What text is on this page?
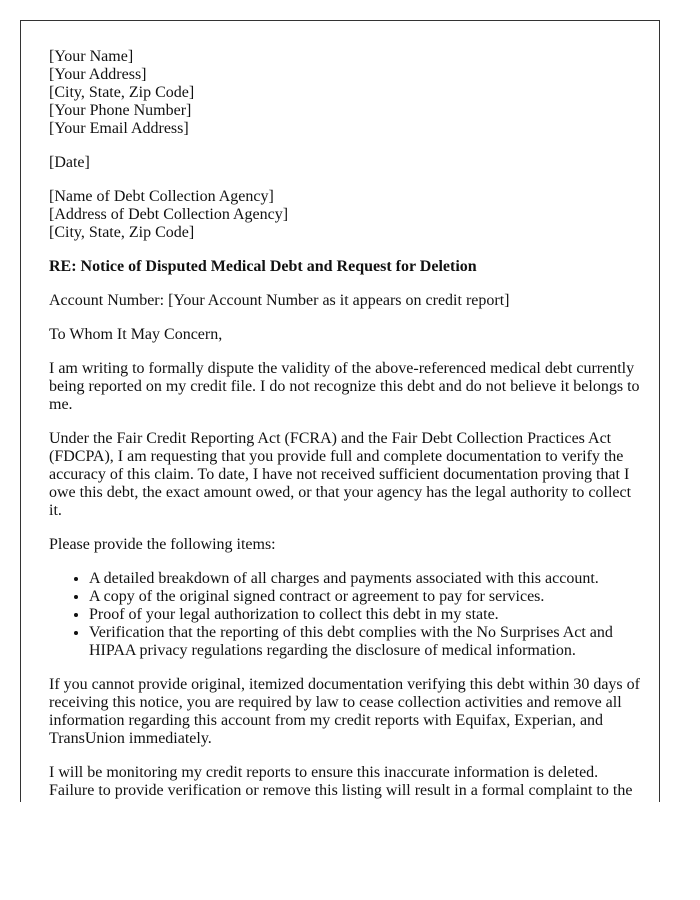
[Your Name]
[Your Address]
[City, State, Zip Code]
[Your Phone Number]
[Your Email Address]

[Date]

[Name of Debt Collection Agency]
[Address of Debt Collection Agency]
[City, State, Zip Code]

RE: Notice of Disputed Medical Debt and Request for Deletion

Account Number: [Your Account Number as it appears on credit report]

To Whom It May Concern,

I am writing to formally dispute the validity of the above-referenced medical debt currently being reported on my credit file. I do not recognize this debt and do not believe it belongs to me.

Under the Fair Credit Reporting Act (FCRA) and the Fair Debt Collection Practices Act (FDCPA), I am requesting that you provide full and complete documentation to verify the accuracy of this claim. To date, I have not received sufficient documentation proving that I owe this debt, the exact amount owed, or that your agency has the legal authority to collect it.

Please provide the following items:

• A detailed breakdown of all charges and payments associated with this account.
• A copy of the original signed contract or agreement to pay for services.
• Proof of your legal authorization to collect this debt in my state.
• Verification that the reporting of this debt complies with the No Surprises Act and HIPAA privacy regulations regarding the disclosure of medical information.

If you cannot provide original, itemized documentation verifying this debt within 30 days of receiving this notice, you are required by law to cease collection activities and remove all information regarding this account from my credit reports with Equifax, Experian, and TransUnion immediately.

I will be monitoring my credit reports to ensure this inaccurate information is deleted. Failure to provide verification or remove this listing will result in a formal complaint to the
